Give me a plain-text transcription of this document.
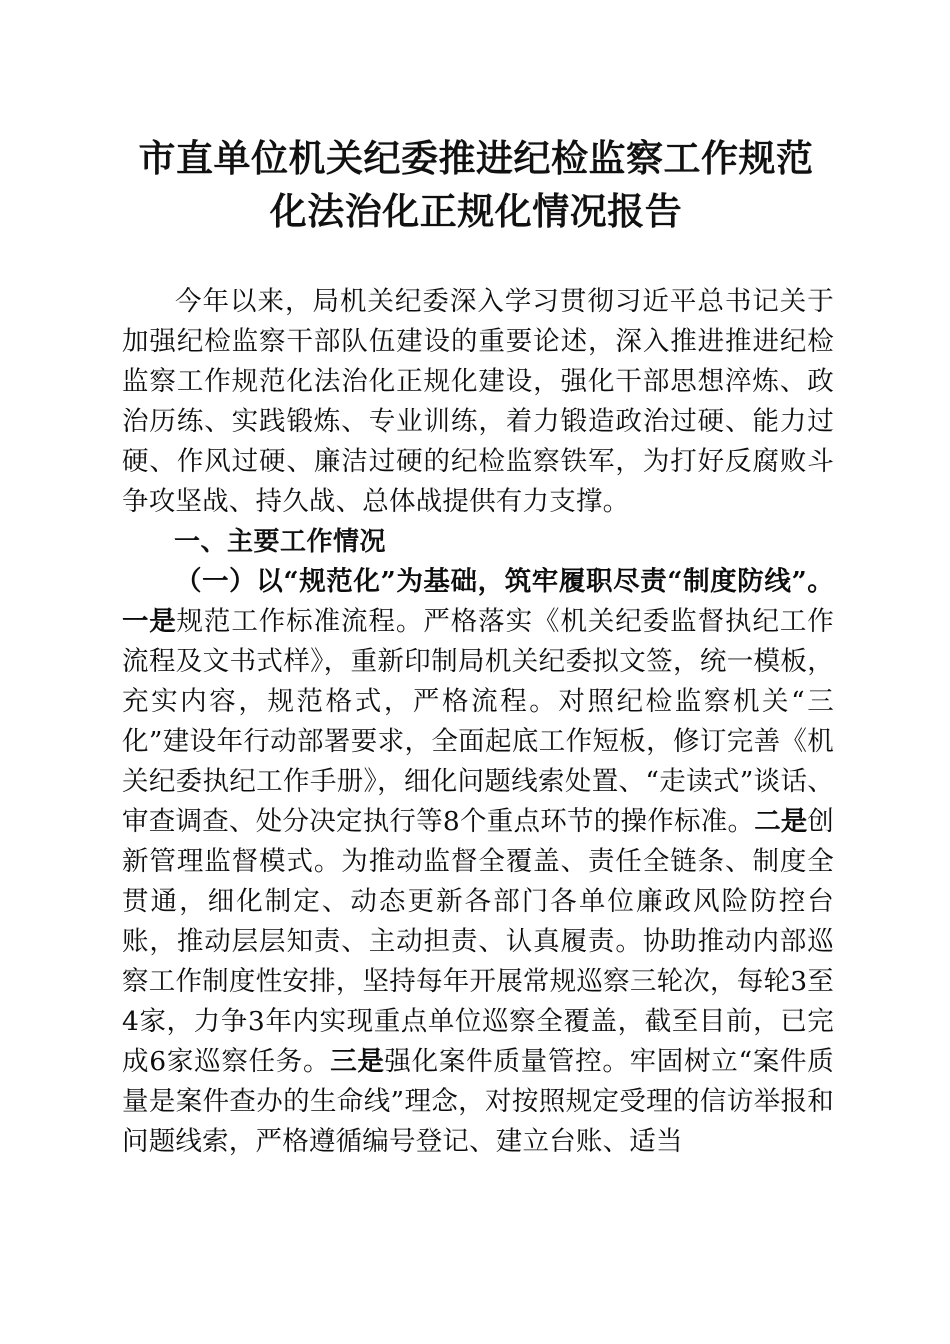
市直单位机关纪委推进纪检监察工作规范
化法治化正规化情况报告

今年以来，局机关纪委深入学习贯彻习近平总书记关于加强纪检监察干部队伍建设的重要论述，深入推进推进纪检监察工作规范化法治化正规化建设，强化干部思想淬炼、政治历练、实践锻炼、专业训练，着力锻造政治过硬、能力过硬、作风过硬、廉洁过硬的纪检监察铁军，为打好反腐败斗争攻坚战、持久战、总体战提供有力支撑。

一、主要工作情况

（一）以“规范化”为基础，筑牢履职尽责“制度防线”。一是规范工作标准流程。严格落实《机关纪委监督执纪工作流程及文书式样》，重新印制局机关纪委拟文签，统一模板，充实内容，规范格式，严格流程。对照纪检监察机关“三化”建设年行动部署要求，全面起底工作短板，修订完善《机关纪委执纪工作手册》，细化问题线索处置、“走读式”谈话、审查调查、处分决定执行等8个重点环节的操作标准。二是创新管理监督模式。为推动监督全覆盖、责任全链条、制度全贯通，细化制定、动态更新各部门各单位廉政风险防控台账，推动层层知责、主动担责、认真履责。协助推动内部巡察工作制度性安排，坚持每年开展常规巡察三轮次，每轮3至4家，力争3年内实现重点单位巡察全覆盖，截至目前，已完成6家巡察任务。三是强化案件质量管控。牢固树立“案件质量是案件查办的生命线”理念，对按照规定受理的信访举报和问题线索，严格遵循编号登记、建立台账、适当
